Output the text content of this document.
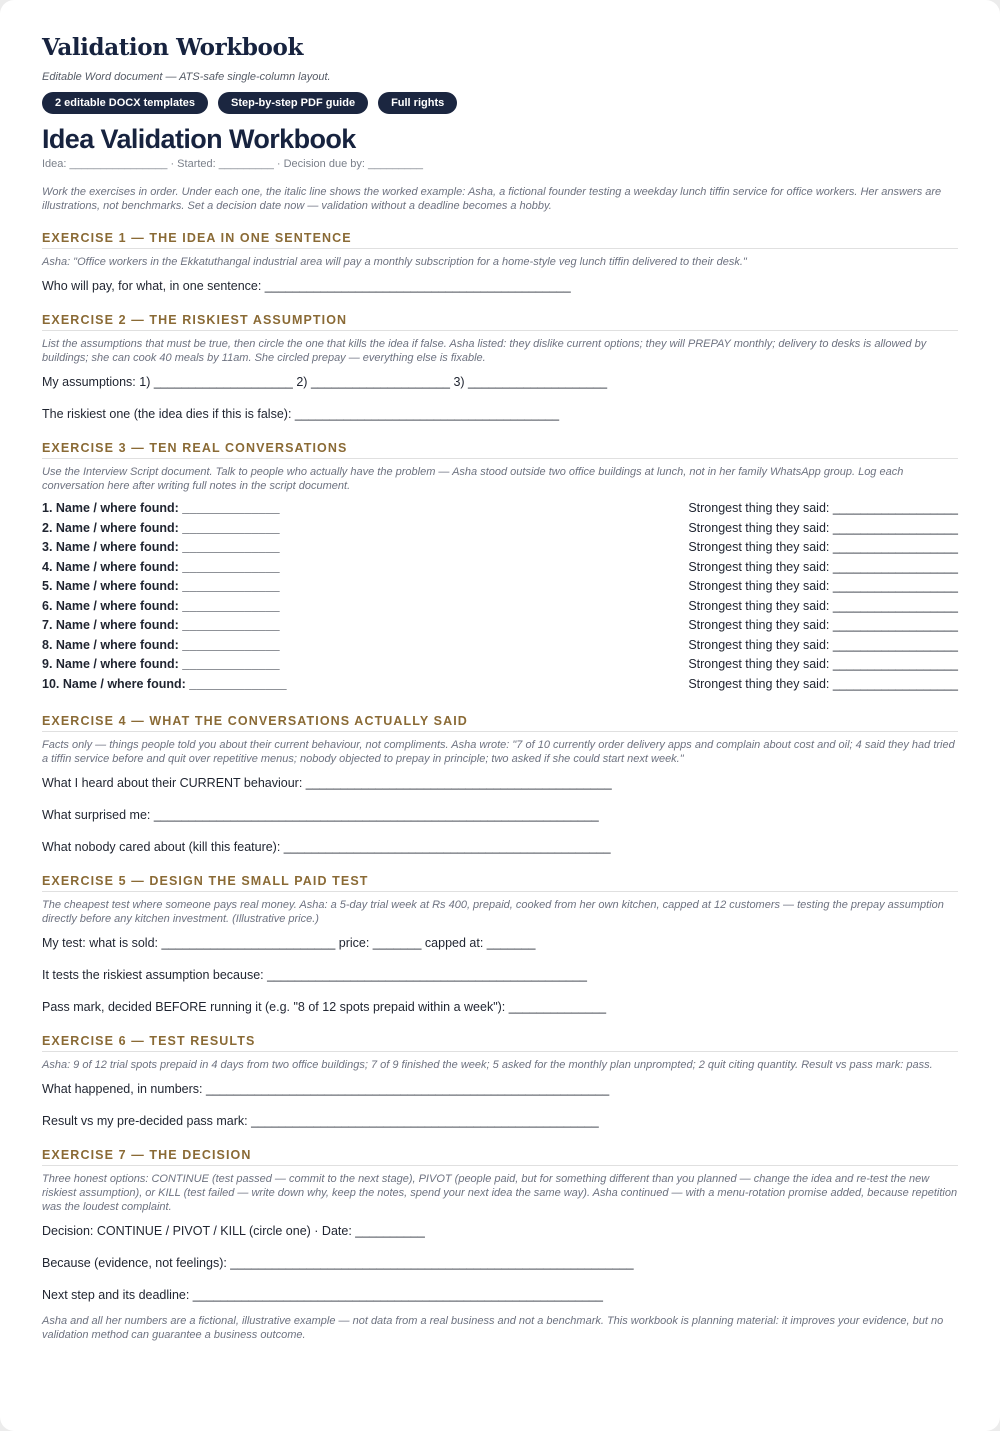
Validation Workbook
Editable Word document — ATS-safe single-column layout.
2 editable DOCX templates	Step-by-step PDF guide	Full rights
Idea Validation Workbook
Idea: ________________ · Started: _________ · Decision due by: _________
Work the exercises in order. Under each one, the italic line shows the worked example: Asha, a fictional founder testing a weekday lunch tiffin service for office workers. Her answers are illustrations, not benchmarks. Set a decision date now — validation without a deadline becomes a hobby.
EXERCISE 1 — THE IDEA IN ONE SENTENCE
Asha: "Office workers in the Ekkatuthangal industrial area will pay a monthly subscription for a home-style veg lunch tiffin delivered to their desk."
Who will pay, for what, in one sentence: ____________________________________________
EXERCISE 2 — THE RISKIEST ASSUMPTION
List the assumptions that must be true, then circle the one that kills the idea if false. Asha listed: they dislike current options; they will PREPAY monthly; delivery to desks is allowed by buildings; she can cook 40 meals by 11am. She circled prepay — everything else is fixable.
My assumptions: 1) ____________________ 2) ____________________ 3) ____________________
The riskiest one (the idea dies if this is false): ______________________________________
EXERCISE 3 — TEN REAL CONVERSATIONS
Use the Interview Script document. Talk to people who actually have the problem — Asha stood outside two office buildings at lunch, not in her family WhatsApp group. Log each conversation here after writing full notes in the script document.
1. Name / where found: ______________	Strongest thing they said: __________________
2. Name / where found: ______________	Strongest thing they said: __________________
3. Name / where found: ______________	Strongest thing they said: __________________
4. Name / where found: ______________	Strongest thing they said: __________________
5. Name / where found: ______________	Strongest thing they said: __________________
6. Name / where found: ______________	Strongest thing they said: __________________
7. Name / where found: ______________	Strongest thing they said: __________________
8. Name / where found: ______________	Strongest thing they said: __________________
9. Name / where found: ______________	Strongest thing they said: __________________
10. Name / where found: ______________	Strongest thing they said: __________________
EXERCISE 4 — WHAT THE CONVERSATIONS ACTUALLY SAID
Facts only — things people told you about their current behaviour, not compliments. Asha wrote: "7 of 10 currently order delivery apps and complain about cost and oil; 4 said they had tried a tiffin service before and quit over repetitive menus; nobody objected to prepay in principle; two asked if she could start next week."
What I heard about their CURRENT behaviour: ____________________________________________
What surprised me: ________________________________________________________________
What nobody cared about (kill this feature): _______________________________________________
EXERCISE 5 — DESIGN THE SMALL PAID TEST
The cheapest test where someone pays real money. Asha: a 5-day trial week at Rs 400, prepaid, cooked from her own kitchen, capped at 12 customers — testing the prepay assumption directly before any kitchen investment. (Illustrative price.)
My test: what is sold: _________________________ price: _______ capped at: _______
It tests the riskiest assumption because: ______________________________________________
Pass mark, decided BEFORE running it (e.g. "8 of 12 spots prepaid within a week"): ______________
EXERCISE 6 — TEST RESULTS
Asha: 9 of 12 trial spots prepaid in 4 days from two office buildings; 7 of 9 finished the week; 5 asked for the monthly plan unprompted; 2 quit citing quantity. Result vs pass mark: pass.
What happened, in numbers: __________________________________________________________
Result vs my pre-decided pass mark: __________________________________________________
EXERCISE 7 — THE DECISION
Three honest options: CONTINUE (test passed — commit to the next stage), PIVOT (people paid, but for something different than you planned — change the idea and re-test the new riskiest assumption), or KILL (test failed — write down why, keep the notes, spend your next idea the same way). Asha continued — with a menu-rotation promise added, because repetition was the loudest complaint.
Decision: CONTINUE / PIVOT / KILL (circle one) · Date: __________
Because (evidence, not feelings): __________________________________________________________
Next step and its deadline: ___________________________________________________________
Asha and all her numbers are a fictional, illustrative example — not data from a real business and not a benchmark. This workbook is planning material: it improves your evidence, but no validation method can guarantee a business outcome.
